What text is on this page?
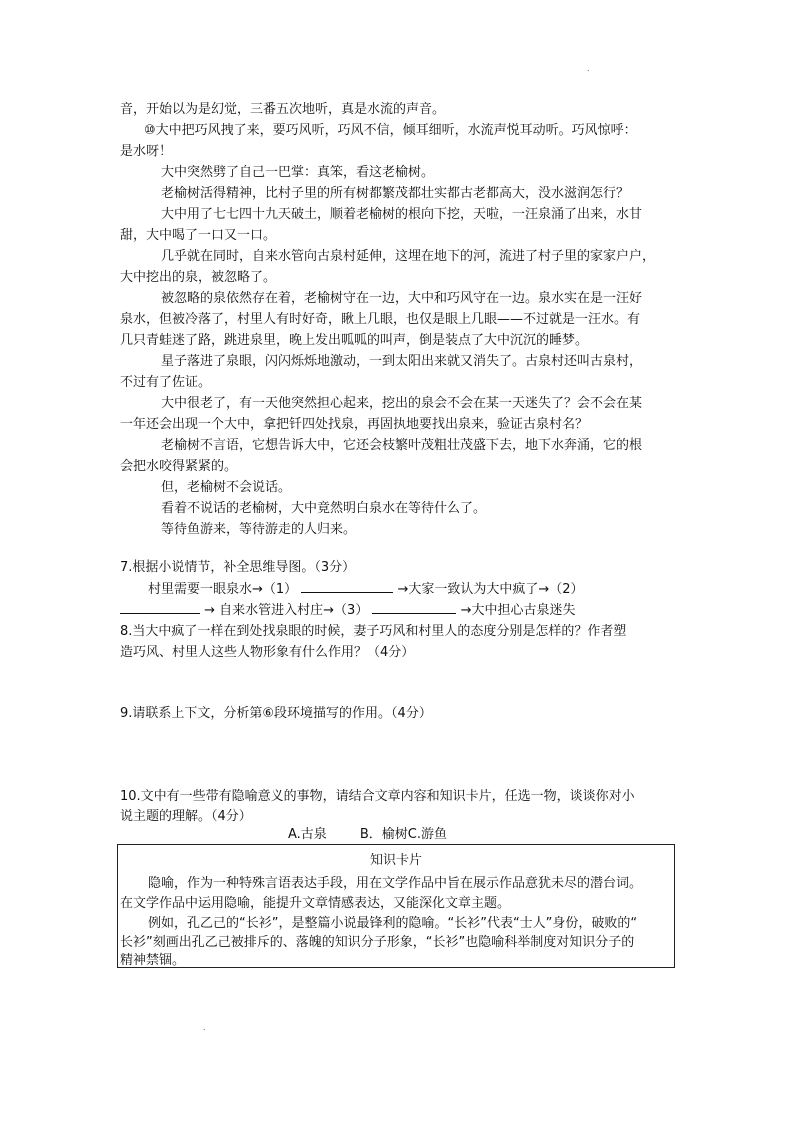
.
音，开始以为是幻觉，三番五次地听，真是水流的声音。
⑩大中把巧风拽了来，要巧风听，巧风不信，倾耳细听，水流声悦耳动听。巧风惊呼：
是水呀！
大中突然劈了自己一巴掌：真笨，看这老榆树。
老榆树活得精神，比村子里的所有树都繁茂都壮实都古老都高大，没水滋润怎行？
大中用了七七四十九天破土，顺着老榆树的根向下挖，天啦，一汪泉涌了出来，水甘
甜，大中喝了一口又一口。
几乎就在同时，自来水管向古泉村延伸，这埋在地下的河，流进了村子里的家家户户，
大中挖出的泉，被忽略了。
被忽略的泉依然存在着，老榆树守在一边，大中和巧风守在一边。泉水实在是一汪好
泉水，但被冷落了，村里人有时好奇，瞅上几眼，也仅是眼上几眼——不过就是一汪水。有
几只青蛙迷了路，跳进泉里，晚上发出呱呱的叫声，倒是装点了大中沉沉的睡梦。
星子落进了泉眼，闪闪烁烁地激动，一到太阳出来就又消失了。古泉村还叫古泉村，
不过有了佐证。
大中很老了，有一天他突然担心起来，挖出的泉会不会在某一天迷失了？会不会在某
一年还会出现一个大中，拿把钎四处找泉，再固执地要找出泉来，验证古泉村名？
老榆树不言语，它想告诉大中，它还会枝繁叶茂粗壮茂盛下去，地下水奔涌，它的根
会把水咬得紧紧的。
但，老榆树不会说话。
看着不说话的老榆树，大中竟然明白泉水在等待什么了。
等待鱼游来，等待游走的人归来。
7.根据小说情节，补全思维导图。（3分）
村里需要一眼泉水→（1）	→大家一致认为大中疯了→（2）
→ 自来水管进入村庄→（3）	→大中担心古泉迷失
8.当大中疯了一样在到处找泉眼的时候，妻子巧风和村里人的态度分别是怎样的？作者塑
造巧风、村里人这些人物形象有什么作用？（4分）
9.请联系上下文，分析第⑥段环境描写的作用。（4分）
10.文中有一些带有隐喻意义的事物，请结合文章内容和知识卡片，任选一物，谈谈你对小
说主题的理解。（4分）
A.古泉        B．榆树C.游鱼
知识卡片
隐喻，作为一种特殊言语表达手段，用在文学作品中旨在展示作品意犹未尽的潜台词。
在文学作品中运用隐喻，能提升文章情感表达，又能深化文章主题。
例如，孔乙己的“长衫”，是整篇小说最锋利的隐喻。“长衫”代表“士人”身份，破败的“
长衫”刻画出孔乙己被排斥的、落魄的知识分子形象，“长衫”也隐喻科举制度对知识分子的
精神禁锢。
.
